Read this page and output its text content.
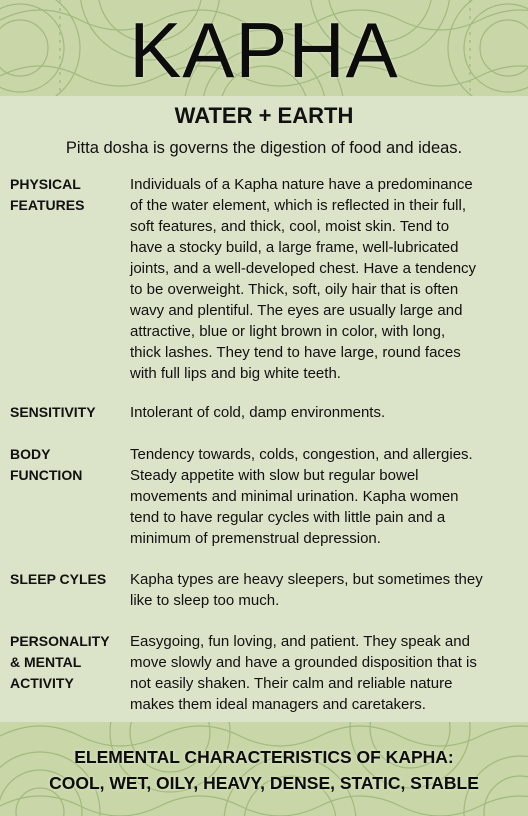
KAPHA
WATER + EARTH
Pitta dosha is governs the digestion of food and ideas.
PHYSICAL
FEATURES
Individuals of a Kapha nature have a predominance
of the water element, which is reflected in their full,
soft features, and thick, cool, moist skin. Tend to
have a stocky build, a large frame, well-lubricated
joints, and a well-developed chest. Have a tendency
to be overweight. Thick, soft, oily hair that is often
wavy and plentiful. The eyes are usually large and
attractive, blue or light brown in color, with long,
thick lashes. They tend to have large, round faces
with full lips and big white teeth.
SENSITIVITY	Intolerant of cold, damp environments.
BODY
FUNCTION
Tendency towards, colds, congestion, and allergies.
Steady appetite with slow but regular bowel
movements and minimal urination. Kapha women
tend to have regular cycles with little pain and a
minimum of premenstrual depression.
SLEEP CYLES	Kapha types are heavy sleepers, but sometimes they
like to sleep too much.
PERSONALITY
& MENTAL
ACTIVITY
Easygoing, fun loving, and patient. They speak and
move slowly and have a grounded disposition that is
not easily shaken. Their calm and reliable nature
makes them ideal managers and caretakers.
ELEMENTAL CHARACTERISTICS OF KAPHA:
COOL, WET, OILY, HEAVY, DENSE, STATIC, STABLE
